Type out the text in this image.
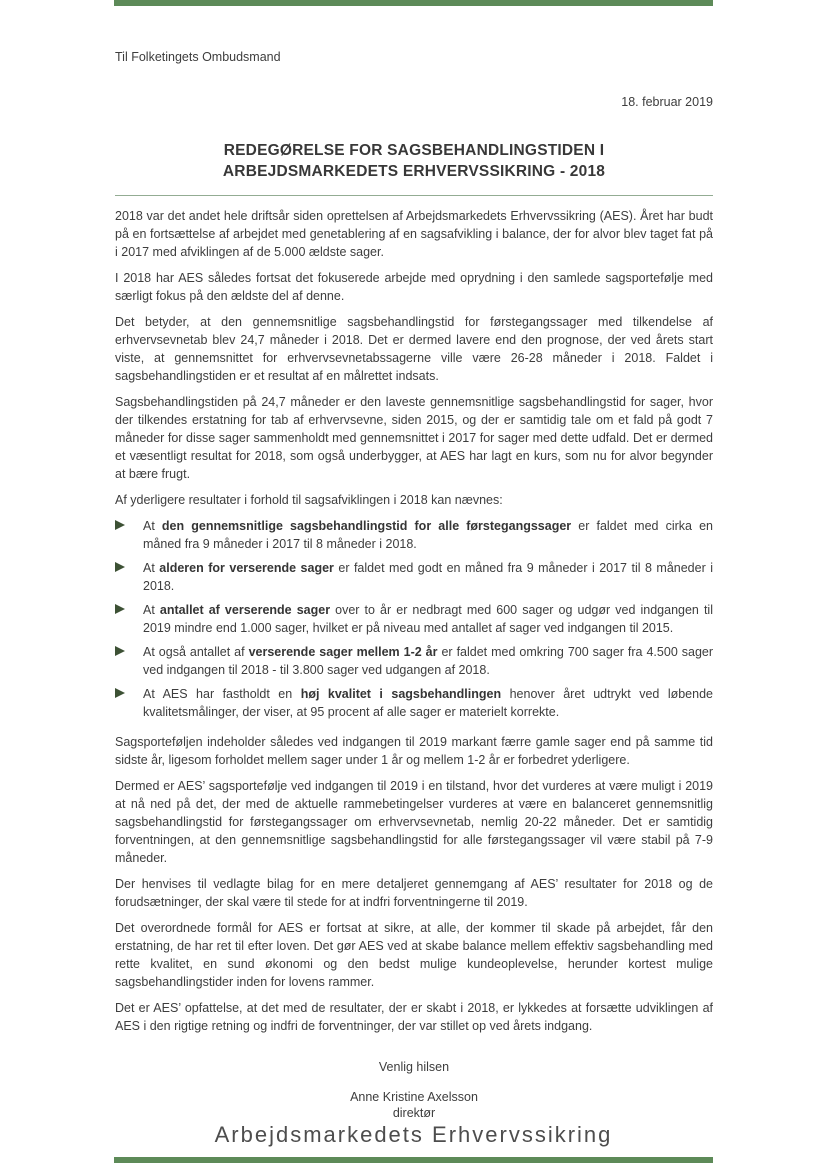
Til Folketingets Ombudsmand
18. februar 2019
REDEGØRELSE FOR SAGSBEHANDLINGSTIDEN I
ARBEJDSMARKEDETS ERHVERVSSIKRING - 2018

2018 var det andet hele driftsår siden oprettelsen af Arbejdsmarkedets Erhvervssikring (AES). Året har budt på en fortsættelse af arbejdet med genetablering af en sagsafvikling i balance, der for alvor blev taget fat på i 2017 med afviklingen af de 5.000 ældste sager.

I 2018 har AES således fortsat det fokuserede arbejde med oprydning i den samlede sagsportefølje med særligt fokus på den ældste del af denne.

Det betyder, at den gennemsnitlige sagsbehandlingstid for førstegangssager med tilkendelse af erhvervsevnetab blev 24,7 måneder i 2018. Det er dermed lavere end den prognose, der ved årets start viste, at gennemsnittet for erhvervsevnetabssagerne ville være 26-28 måneder i 2018. Faldet i sagsbehandlingstiden er et resultat af en målrettet indsats.

Sagsbehandlingstiden på 24,7 måneder er den laveste gennemsnitlige sagsbehandlingstid for sager, hvor der tilkendes erstatning for tab af erhvervsevne, siden 2015, og der er samtidig tale om et fald på godt 7 måneder for disse sager sammenholdt med gennemsnittet i 2017 for sager med dette udfald. Det er dermed et væsentligt resultat for 2018, som også underbygger, at AES har lagt en kurs, som nu for alvor begynder at bære frugt.

Af yderligere resultater i forhold til sagsafviklingen i 2018 kan nævnes:

At den gennemsnitlige sagsbehandlingstid for alle førstegangssager er faldet med cirka en måned fra 9 måneder i 2017 til 8 måneder i 2018.
At alderen for verserende sager er faldet med godt en måned fra 9 måneder i 2017 til 8 måneder i 2018.
At antallet af verserende sager over to år er nedbragt med 600 sager og udgør ved indgangen til 2019 mindre end 1.000 sager, hvilket er på niveau med antallet af sager ved indgangen til 2015.
At også antallet af verserende sager mellem 1-2 år er faldet med omkring 700 sager fra 4.500 sager ved indgangen til 2018 - til 3.800 sager ved udgangen af 2018.
At AES har fastholdt en høj kvalitet i sagsbehandlingen henover året udtrykt ved løbende kvalitetsmålinger, der viser, at 95 procent af alle sager er materielt korrekte.

Sagsporteføljen indeholder således ved indgangen til 2019 markant færre gamle sager end på samme tid sidste år, ligesom forholdet mellem sager under 1 år og mellem 1-2 år er forbedret yderligere.

Dermed er AES’ sagsportefølje ved indgangen til 2019 i en tilstand, hvor det vurderes at være muligt i 2019 at nå ned på det, der med de aktuelle rammebetingelser vurderes at være en balanceret gennemsnitlig sagsbehandlingstid for førstegangssager om erhvervsevnetab, nemlig 20-22 måneder. Det er samtidig forventningen, at den gennemsnitlige sagsbehandlingstid for alle førstegangssager vil være stabil på 7-9 måneder.

Der henvises til vedlagte bilag for en mere detaljeret gennemgang af AES’ resultater for 2018 og de forudsætninger, der skal være til stede for at indfri forventningerne til 2019.

Det overordnede formål for AES er fortsat at sikre, at alle, der kommer til skade på arbejdet, får den erstatning, de har ret til efter loven. Det gør AES ved at skabe balance mellem effektiv sagsbehandling med rette kvalitet, en sund økonomi og den bedst mulige kundeoplevelse, herunder kortest mulige sagsbehandlingstider inden for lovens rammer.

Det er AES’ opfattelse, at det med de resultater, der er skabt i 2018, er lykkedes at forsætte udviklingen af AES i den rigtige retning og indfri de forventninger, der var stillet op ved årets indgang.

Venlig hilsen
Anne Kristine Axelsson
direktør
Arbejdsmarkedets Erhvervssikring
